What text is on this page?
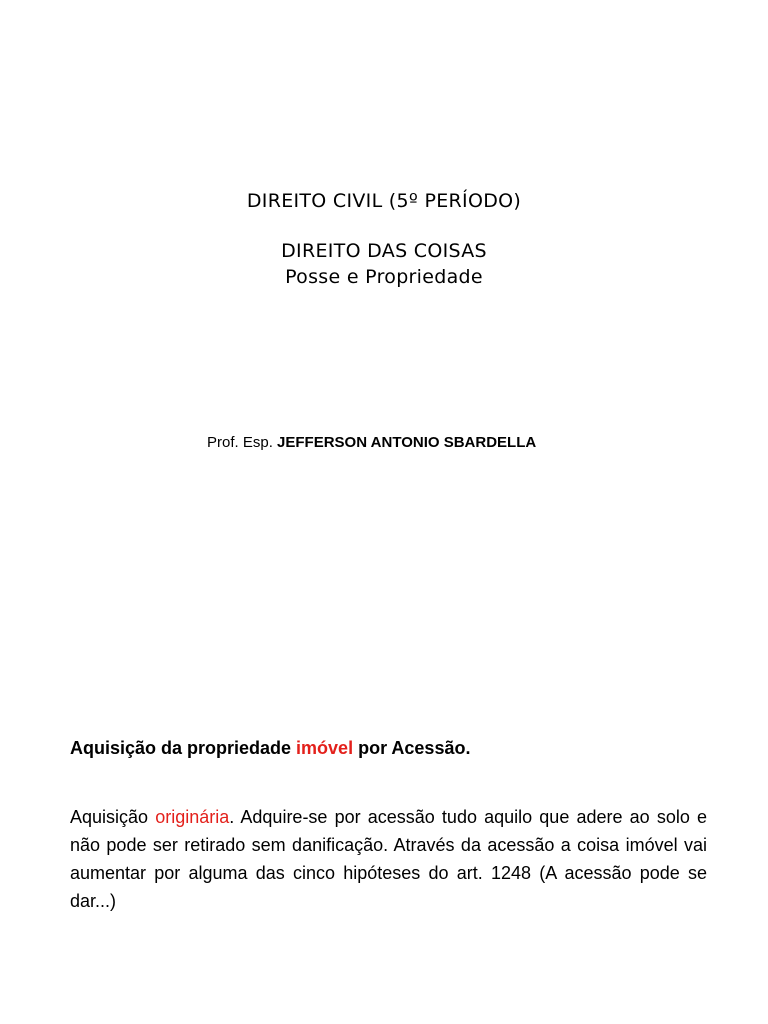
DIREITO CIVIL (5º PERÍODO)
DIREITO DAS COISAS
Posse e Propriedade
Prof. Esp. JEFFERSON ANTONIO SBARDELLA
Aquisição da propriedade imóvel por Acessão.
Aquisição originária. Adquire-se por acessão tudo aquilo que adere ao solo e não pode ser retirado sem danificação. Através da acessão a coisa imóvel vai aumentar por alguma das cinco hipóteses do art. 1248 (A acessão pode se dar...)
